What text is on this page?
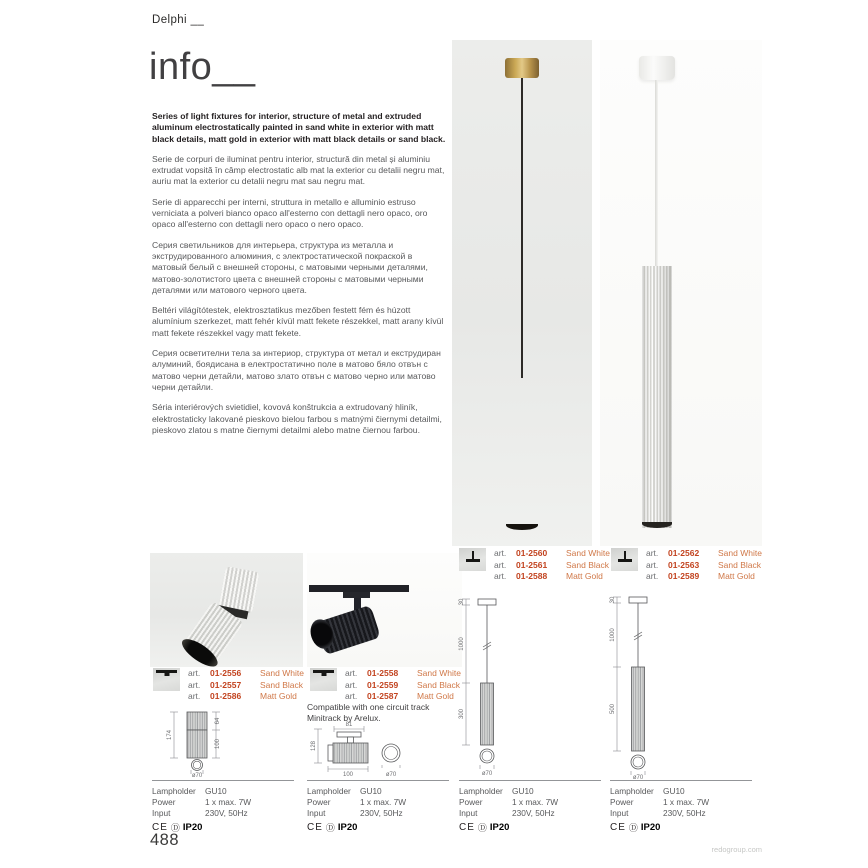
Delphi __
info__

Series of light fixtures for interior, structure of metal and extruded aluminum electrostatically painted in sand white in exterior with matt black details, matt gold in exterior with matt black details or sand black.

Serie de corpuri de iluminat pentru interior, structură din metal și aluminiu extrudat vopsită în câmp electrostatic alb mat la exterior cu detalii negru mat, auriu mat la exterior cu detalii negru mat sau negru mat.

Serie di apparecchi per interni, struttura in metallo e alluminio estruso verniciata a polveri bianco opaco all'esterno con dettagli nero opaco, oro opaco all'esterno con dettagli nero opaco o nero opaco.

Серия светильников для интерьера, структура из металла и экструдированного алюминия, с электростатической покраской в матовый белый с внешней стороны, с матовыми черными деталями, матово-золотистого цвета с внешней стороны с матовыми черными деталями или матового черного цвета.

Beltéri világítótestek, elektrosztatikus mezőben festett fém és húzott alumínium szerkezet, matt fehér kívül matt fekete részekkel, matt arany kívül matt fekete részekkel vagy matt fekete.

Серия осветителни тела за интериор, структура от метал и екструдиран алуминий, боядисана в електростатично поле в матово бяло отвън с матово черни детайли, матово злато отвън с матово черно или матово черни детайли.

Séria interiérových svietidiel, kovová konštrukcia a extrudovaný hliník, elektrostaticky lakované pieskovo bielou farbou s matnými čiernymi detailmi, pieskovo zlatou s matne čiernymi detailmi alebo matne čiernou farbou.

art.	01-2560	Sand White
art.	01-2561	Sand Black
art.	01-2588	Matt Gold
art.	01-2562	Sand White
art.	01-2563	Sand Black
art.	01-2589	Matt Gold
art.	01-2556	Sand White
art.	01-2557	Sand Black
art.	01-2586	Matt Gold
art.	01-2558	Sand White
art.	01-2559	Sand Black
art.	01-2587	Matt Gold

Compatible with one circuit track Minitrack by Arelux.

174
64
100
ø70
81
128
100	ø70
30
1000
300
ø70
30
1000
500
ø70
Lampholder	GU10
Power	1 x max. 7W
Input	230V, 50Hz
CE Ⓓ IP20
Lampholder	GU10
Power	1 x max. 7W
Input	230V, 50Hz
CE Ⓓ IP20
Lampholder	GU10
Power	1 x max. 7W
Input	230V, 50Hz
CE Ⓓ IP20
Lampholder	GU10
Power	1 x max. 7W
Input	230V, 50Hz
CE Ⓓ IP20
488
redogroup.com
